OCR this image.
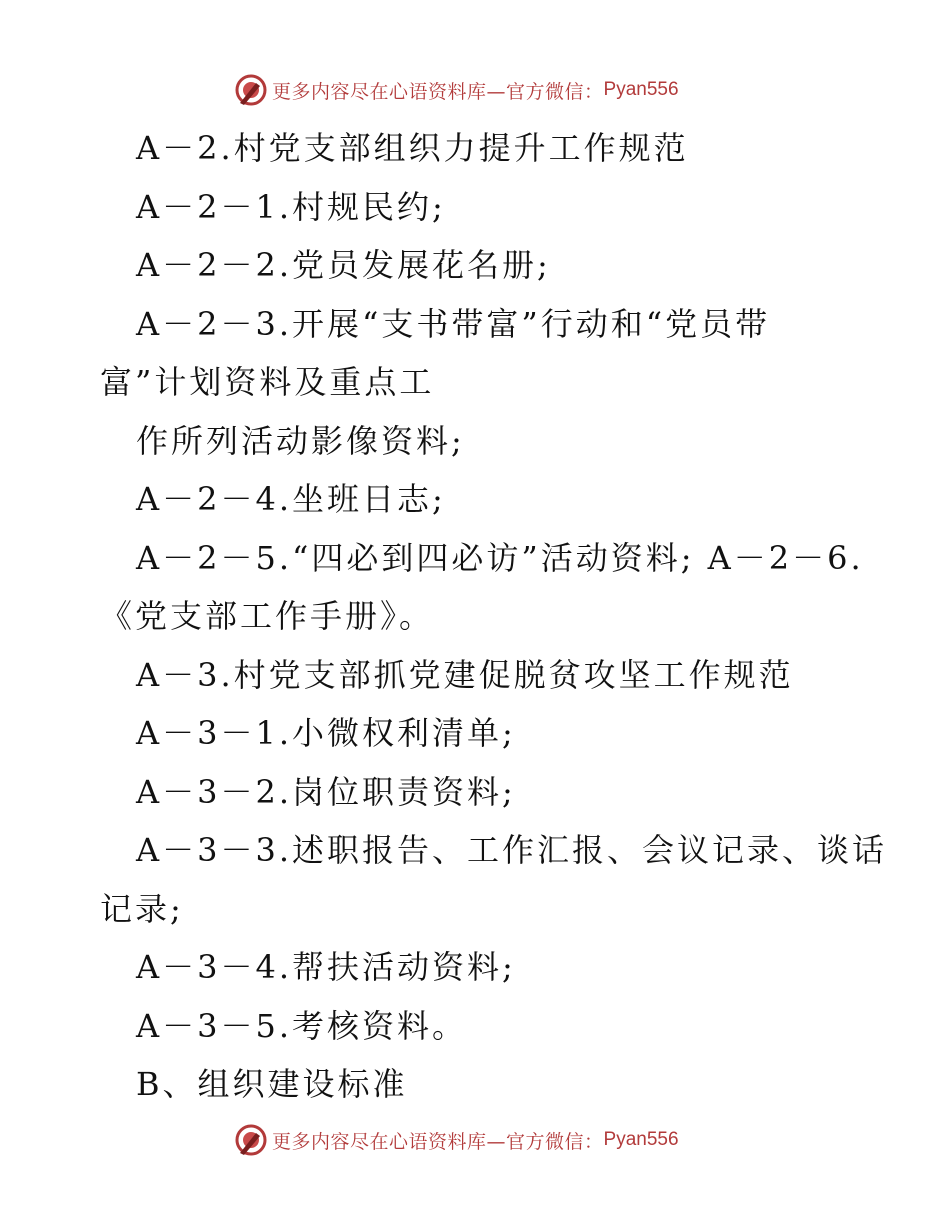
更多内容尽在心语资料库—官方微信： Pyan556
A－2.村党支部组织力提升工作规范
A－2－1.村规民约;
A－2－2.党员发展花名册;
A－2－3.开展“支书带富”行动和“党员带
富”计划资料及重点工
作所列活动影像资料;
A－2－4.坐班日志;
A－2－5.“四必到四必访”活动资料; A－2－6.
《党支部工作手册》。
A－3.村党支部抓党建促脱贫攻坚工作规范
A－3－1.小微权利清单;
A－3－2.岗位职责资料;
A－3－3.述职报告、工作汇报、会议记录、谈话
记录;
A－3－4.帮扶活动资料;
A－3－5.考核资料。
B、组织建设标准
更多内容尽在心语资料库—官方微信： Pyan556
